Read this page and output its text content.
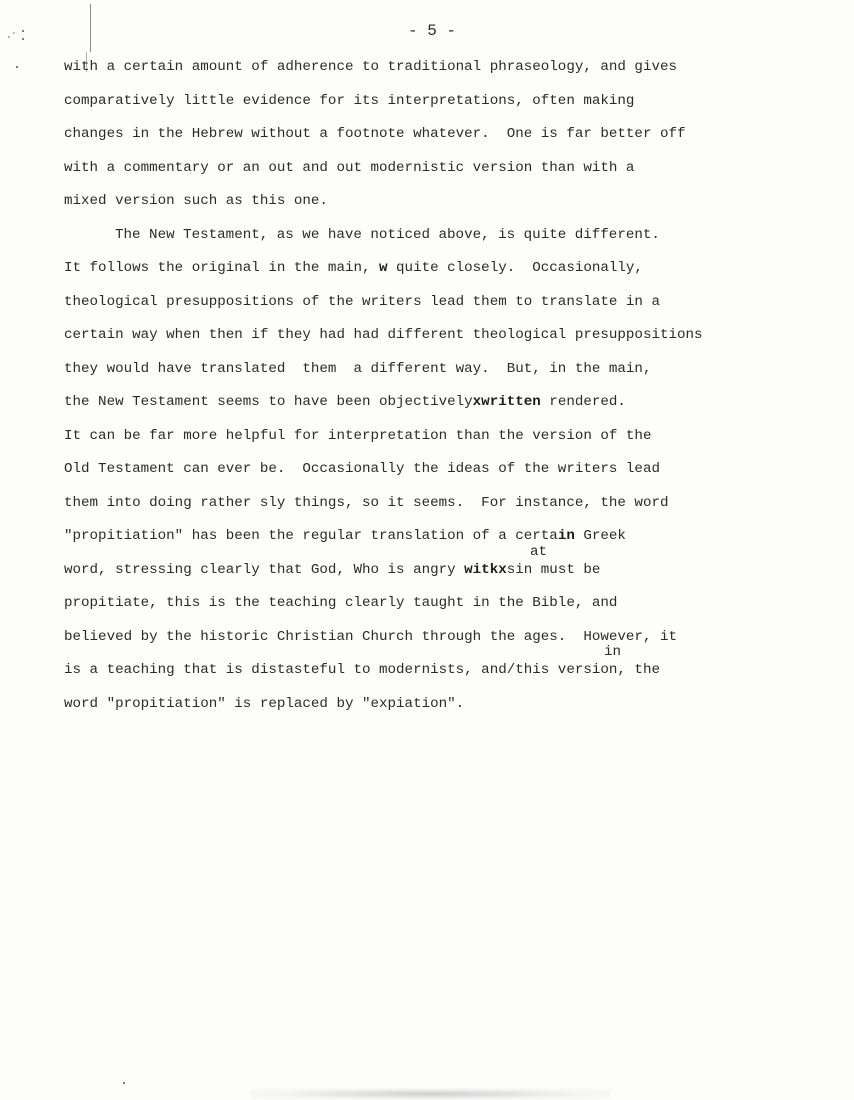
- 5 -
with a certain amount of adherence to traditional phraseology, and gives
comparatively little evidence for its interpretations, often making
changes in the Hebrew without a footnote whatever.  One is far better off
with a commentary or an out and out modernistic version than with a
mixed version such as this one.
The New Testament, as we have noticed above, is quite different.
It follows the original in the main, w quite closely.  Occasionally,
theological presuppositions of the writers lead them to translate in a
certain way when then if they had had different theological presuppositions
they would have translated  them  a different way.  But, in the main,
the New Testament seems to have been objectivelyxwritten rendered.
It can be far more helpful for interpretation than the version of the
Old Testament can ever be.  Occasionally the ideas of the writers lead
them into doing rather sly things, so it seems.  For instance, the word
"propitiation" has been the regular translation of a certain Greek
at
word, stressing clearly that God, Who is angry witkxsin must be
propitiate, this is the teaching clearly taught in the Bible, and
believed by the historic Christian Church through the ages.  However, it
in
is a teaching that is distasteful to modernists, and/this version, the
word "propitiation" is replaced by "expiation".
